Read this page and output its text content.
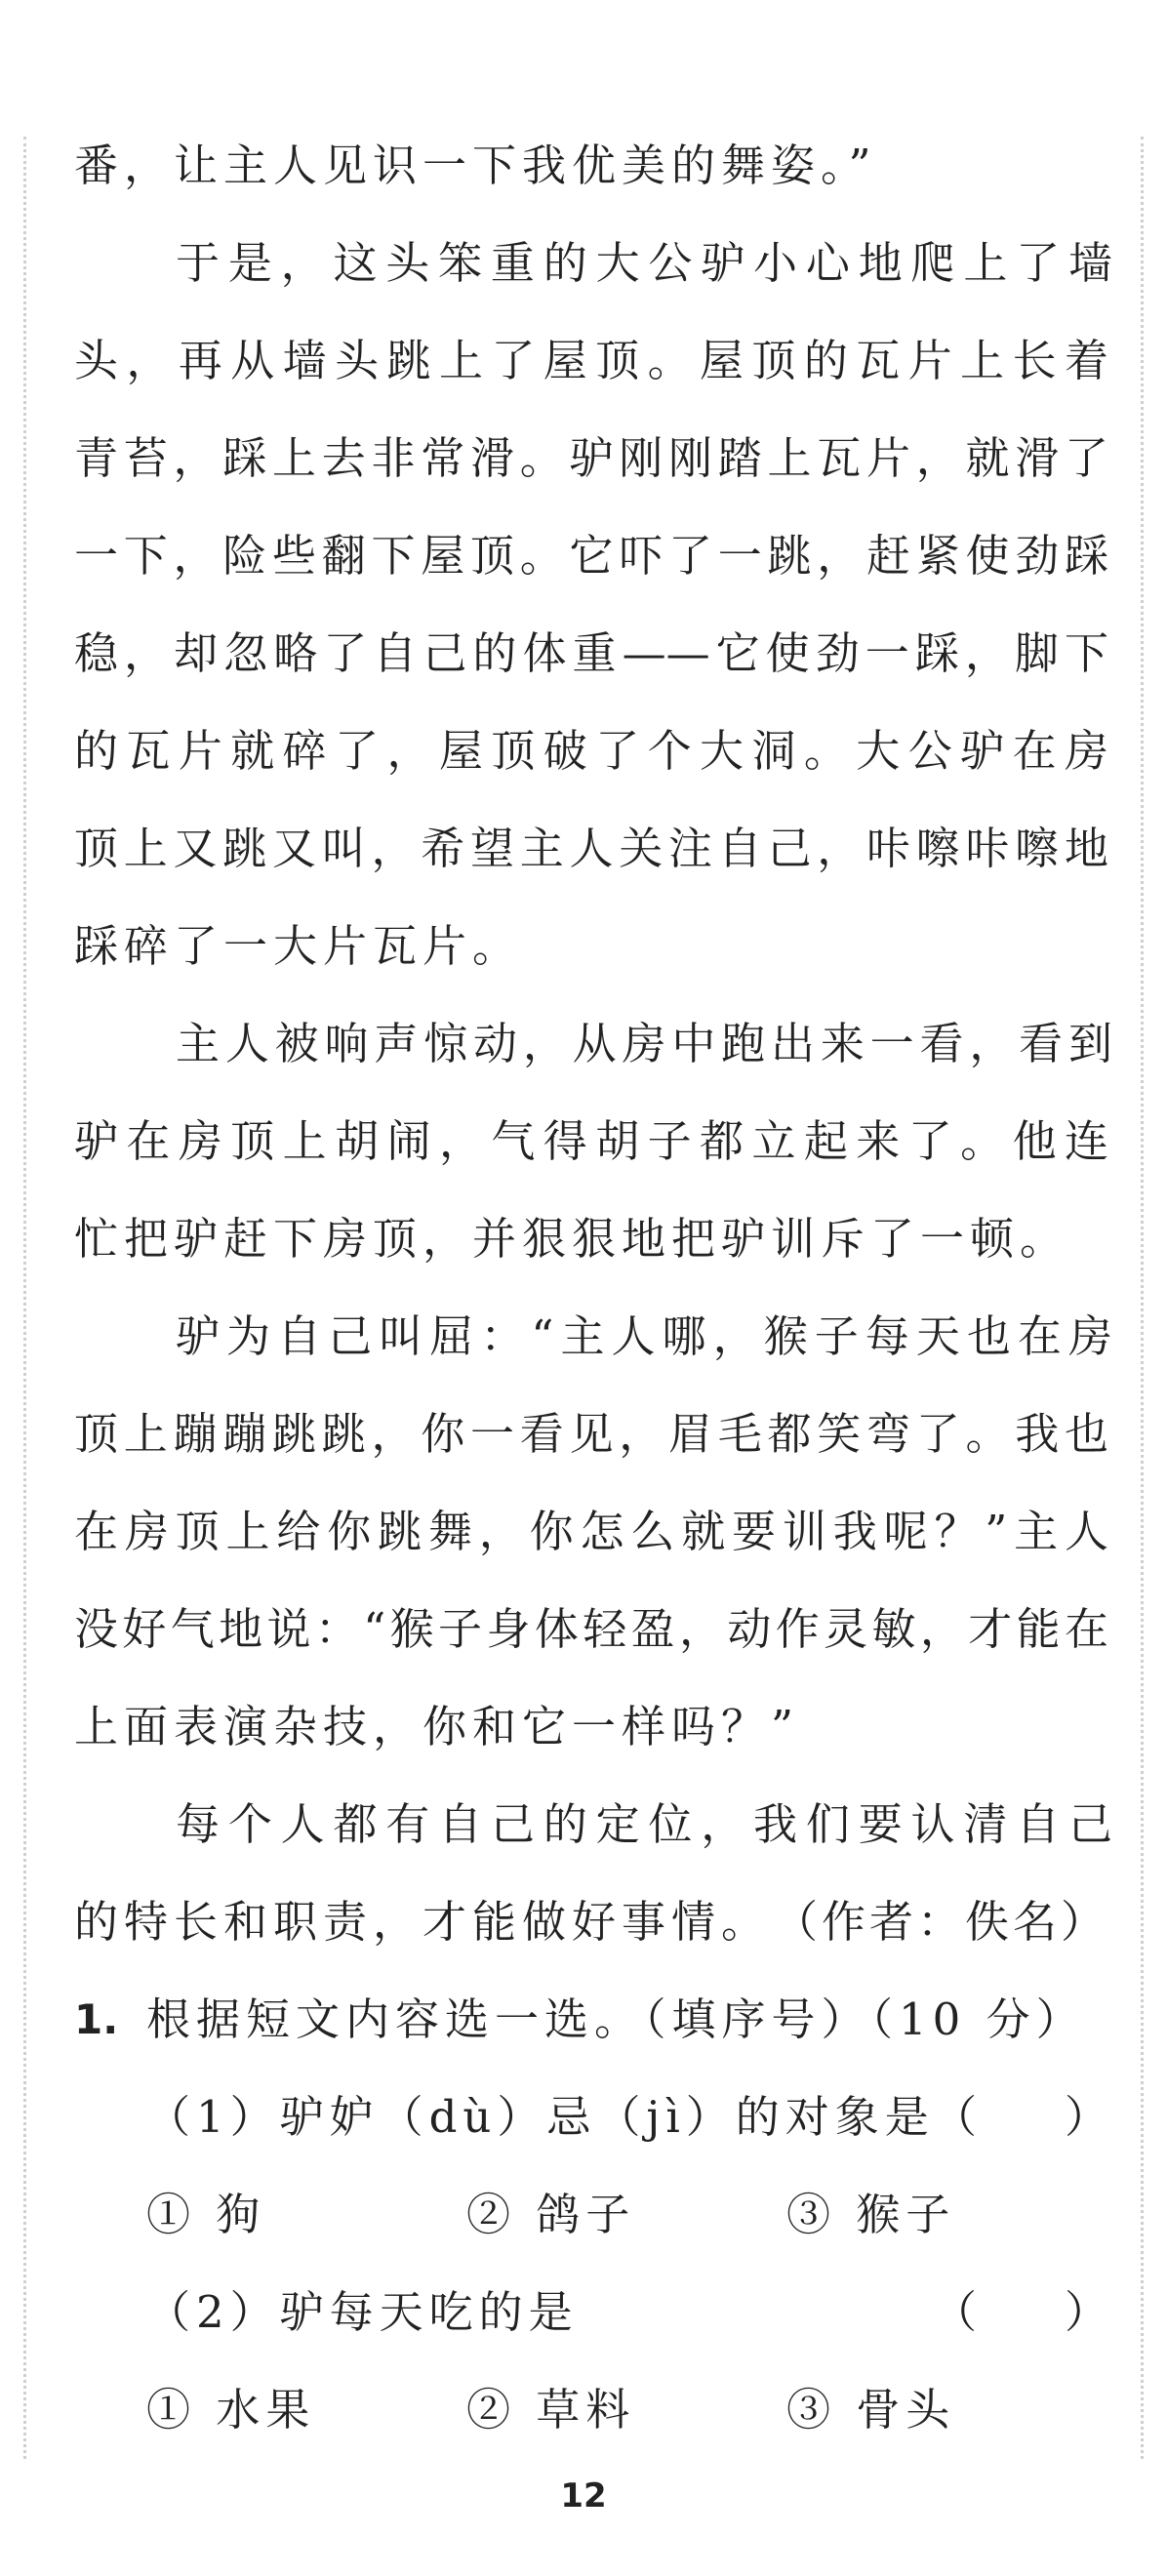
番，让主人见识一下我优美的舞姿。”
于是，这头笨重的大公驴小心地爬上了墙
头，再从墙头跳上了屋顶。屋顶的瓦片上长着
青苔，踩上去非常滑。驴刚刚踏上瓦片，就滑了
一下，险些翻下屋顶。它吓了一跳，赶紧使劲踩
稳，却忽略了自己的体重——它使劲一踩，脚下
的瓦片就碎了，屋顶破了个大洞。大公驴在房
顶上又跳又叫，希望主人关注自己，咔嚓咔嚓地
踩碎了一大片瓦片。
主人被响声惊动，从房中跑出来一看，看到
驴在房顶上胡闹，气得胡子都立起来了。他连
忙把驴赶下房顶，并狠狠地把驴训斥了一顿。
驴为自己叫屈：“主人哪，猴子每天也在房
顶上蹦蹦跳跳，你一看见，眉毛都笑弯了。我也
在房顶上给你跳舞，你怎么就要训我呢？”主人
没好气地说：“猴子身体轻盈，动作灵敏，才能在
上面表演杂技，你和它一样吗？”
每个人都有自己的定位，我们要认清自己
的特长和职责，才能做好事情。 （作者：佚名）
1. 根据短文内容选一选。（填序号）（10 分）
（1）驴妒（dù）忌（jì）的对象是
（　　）
① 狗	② 鸽子	③ 猴子
（2）驴每天吃的是	（　　）
① 水果	② 草料	③ 骨头
12
